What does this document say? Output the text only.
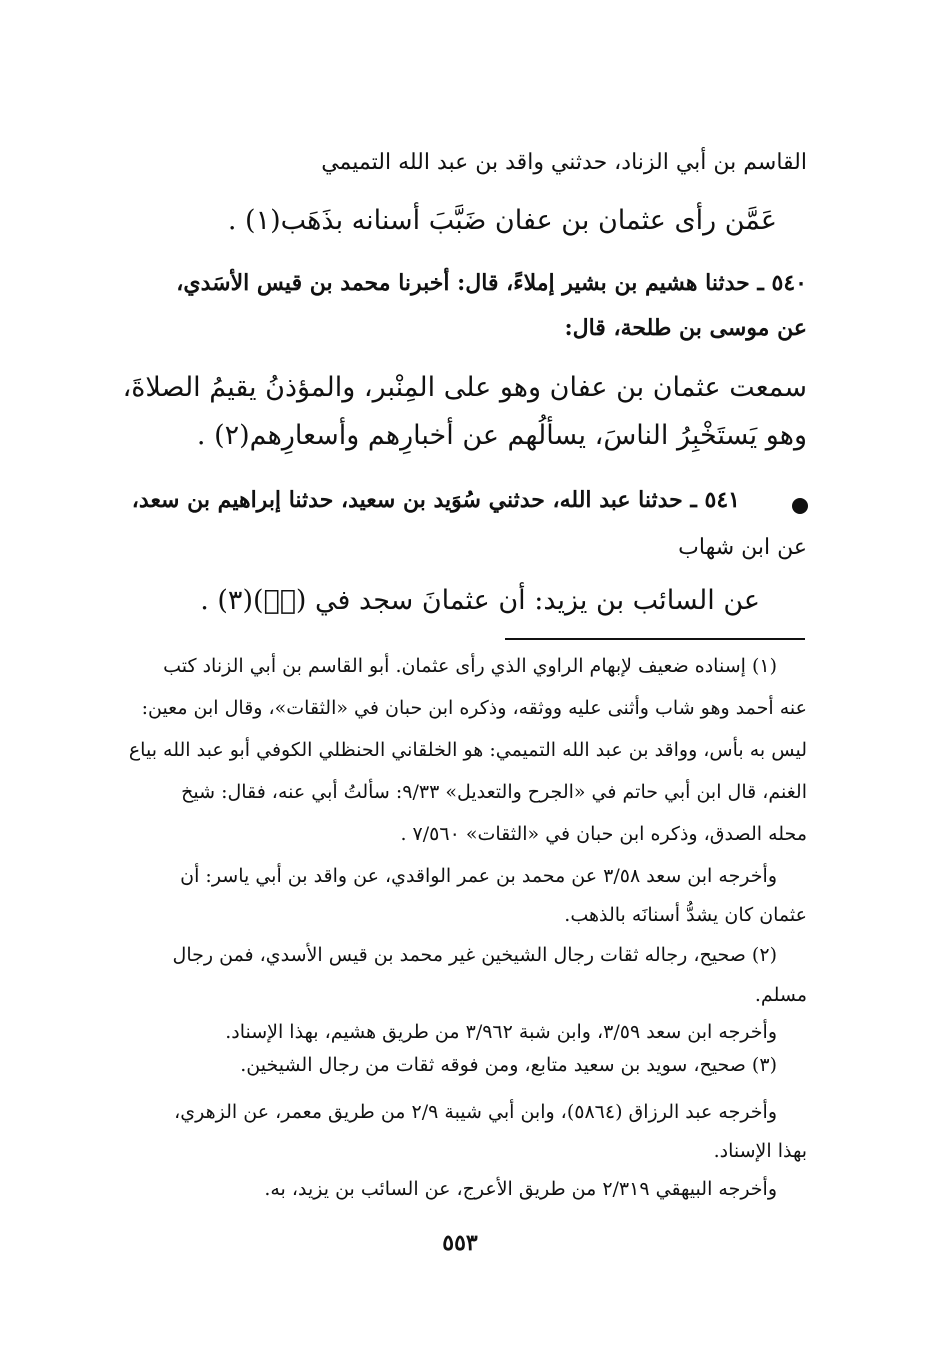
القاسم بن أبي الزناد، حدثني واقد بن عبد الله التميمي
عَمَّن رأى عثمان بن عفان ضَبَّبَ أسنانه بذَهَب(١) .
٥٤٠ ـ حدثنا هشيم بن بشير إملاءً، قال: أخبرنا محمد بن قيس الأسَدي،
عن موسى بن طلحة، قال:
سمعت عثمان بن عفان وهو على المِنْبر، والمؤذنُ يقيمُ الصلاةَ،
وهو يَستَخْبِرُ الناسَ، يسألُهم عن أخبارِهم وأسعارِهم(٢) .
٥٤١ ـ حدثنا عبد الله، حدثني سُوَيد بن سعيد، حدثنا إبراهيم بن سعد،
عن ابن شهاب
عن السائب بن يزيد: أن عثمانَ سجد في (صۤ)(٣) .
(١) إسناده ضعيف لإبهام الراوي الذي رأى عثمان. أبو القاسم بن أبي الزناد كتب
عنه أحمد وهو شاب وأثنى عليه ووثقه، وذكره ابن حبان في «الثقات»، وقال ابن معين:
ليس به بأس، وواقد بن عبد الله التميمي: هو الخلقاني الحنظلي الكوفي أبو عبد الله بياع
الغنم، قال ابن أبي حاتم في «الجرح والتعديل» ٩/٣٣: سألتُ أبي عنه، فقال: شيخ
محله الصدق، وذكره ابن حبان في «الثقات» ٧/٥٦٠ .
وأخرجه ابن سعد ٣/٥٨ عن محمد بن عمر الواقدي، عن واقد بن أبي ياسر: أن
عثمان كان يشدُّ أسنانَه بالذهب.
(٢) صحيح، رجاله ثقات رجال الشيخين غير محمد بن قيس الأسدي، فمن رجال
مسلم.
وأخرجه ابن سعد ٣/٥٩، وابن شبة ٣/٩٦٢ من طريق هشيم، بهذا الإسناد.
(٣) صحيح، سويد بن سعيد متابع، ومن فوقه ثقات من رجال الشيخين.
وأخرجه عبد الرزاق (٥٨٦٤)، وابن أبي شيبة ٢/٩ من طريق معمر، عن الزهري،
بهذا الإسناد.
وأخرجه البيهقي ٢/٣١٩ من طريق الأعرج، عن السائب بن يزيد، به.
٥٥٣
